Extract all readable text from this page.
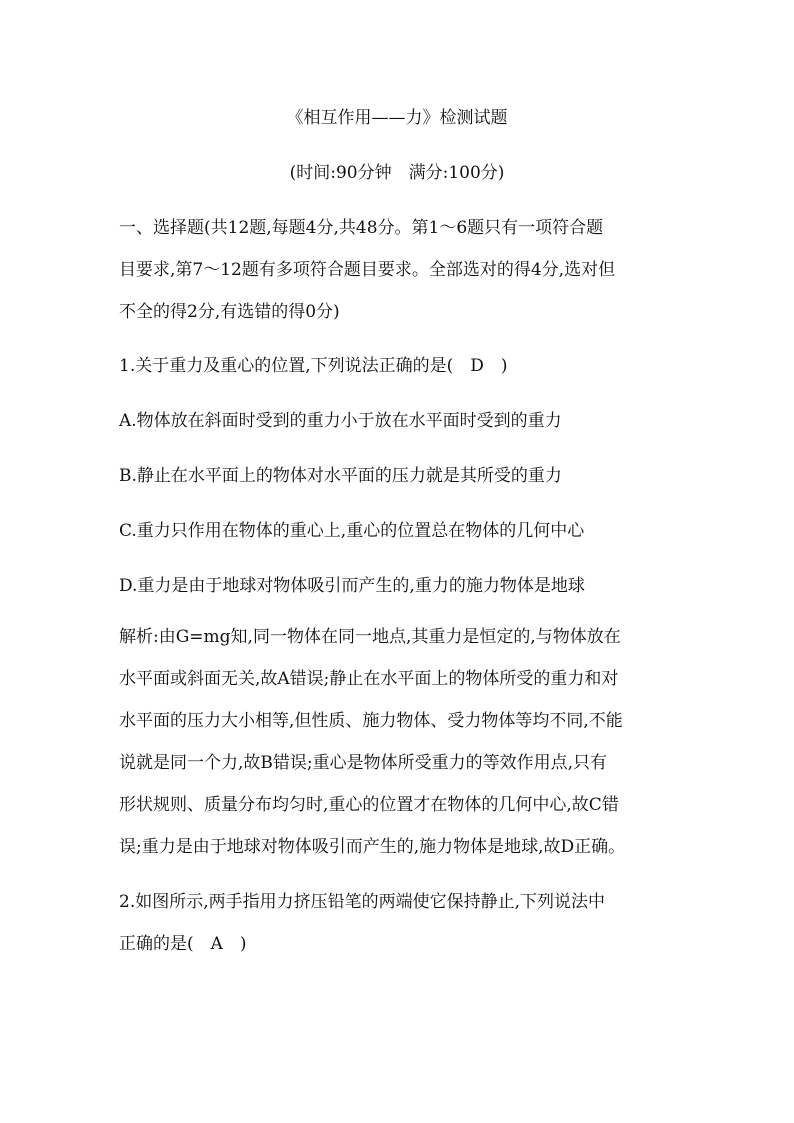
《相互作用——力》检测试题
(时间:90分钟　满分:100分)
一、选择题(共12题,每题4分,共48分。第1～6题只有一项符合题
目要求,第7～12题有多项符合题目要求。全部选对的得4分,选对但
不全的得2分,有选错的得0分)
1.关于重力及重心的位置,下列说法正确的是(　D　)
A.物体放在斜面时受到的重力小于放在水平面时受到的重力
B.静止在水平面上的物体对水平面的压力就是其所受的重力
C.重力只作用在物体的重心上,重心的位置总在物体的几何中心
D.重力是由于地球对物体吸引而产生的,重力的施力物体是地球
解析:由G=mg知,同一物体在同一地点,其重力是恒定的,与物体放在
水平面或斜面无关,故A错误;静止在水平面上的物体所受的重力和对
水平面的压力大小相等,但性质、施力物体、受力物体等均不同,不能
说就是同一个力,故B错误;重心是物体所受重力的等效作用点,只有
形状规则、质量分布均匀时,重心的位置才在物体的几何中心,故C错
误;重力是由于地球对物体吸引而产生的,施力物体是地球,故D正确。
2.如图所示,两手指用力挤压铅笔的两端使它保持静止,下列说法中
正确的是(　A　)
